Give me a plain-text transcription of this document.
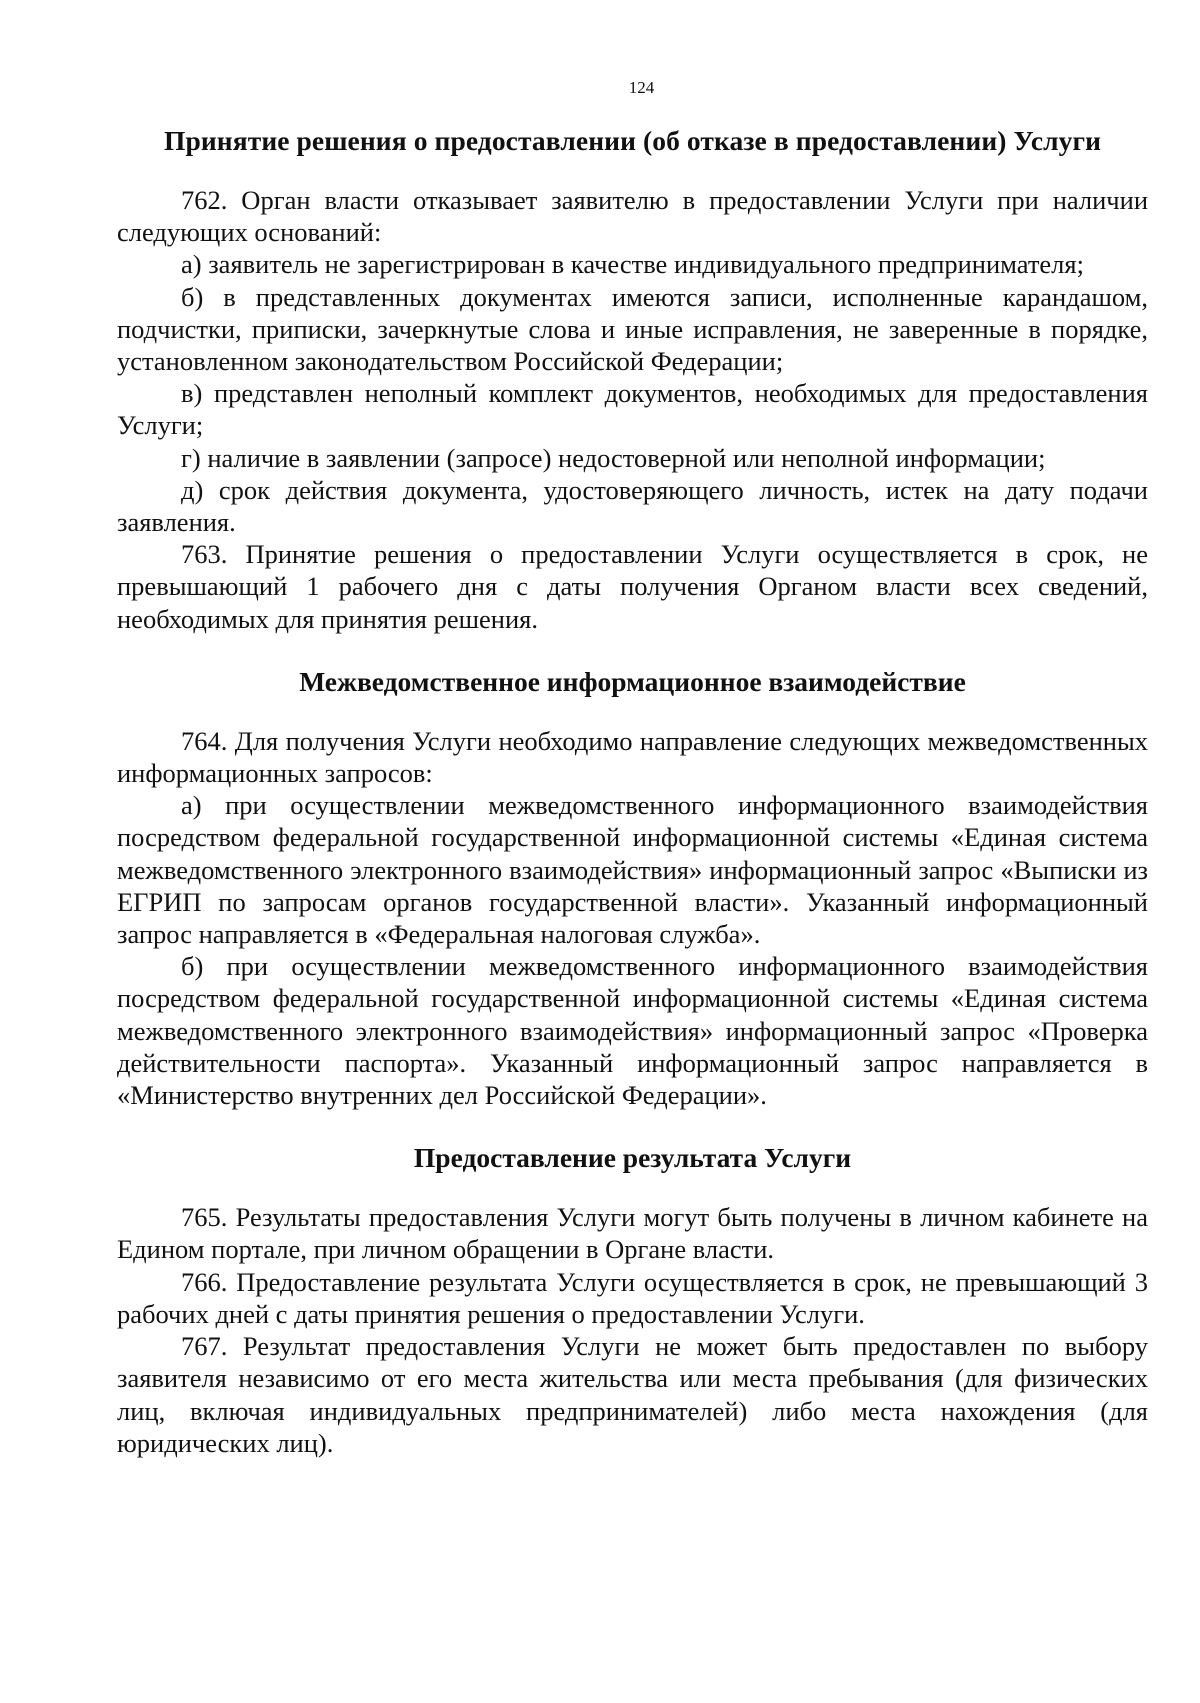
124
Принятие решения о предоставлении (об отказе в предоставлении) Услуги

762. Орган власти отказывает заявителю в предоставлении Услуги при наличии следующих оснований:

а) заявитель не зарегистрирован в качестве индивидуального предпринимателя;

б) в представленных документах имеются записи, исполненные карандашом, подчистки, приписки, зачеркнутые слова и иные исправления, не заверенные в порядке, установленном законодательством Российской Федерации;

в) представлен неполный комплект документов, необходимых для предоставления Услуги;

г) наличие в заявлении (запросе) недостоверной или неполной информации;

д) срок действия документа, удостоверяющего личность, истек на дату подачи заявления.

763. Принятие решения о предоставлении Услуги осуществляется в срок, не превышающий 1 рабочего дня с даты получения Органом власти всех сведений, необходимых для принятия решения.

Межведомственное информационное взаимодействие

764. Для получения Услуги необходимо направление следующих межведомственных информационных запросов:

а) при осуществлении межведомственного информационного взаимодействия посредством федеральной государственной информационной системы «Единая система межведомственного электронного взаимодействия» информационный запрос «Выписки из ЕГРИП по запросам органов государственной власти». Указанный информационный запрос направляется в «Федеральная налоговая служба».

б) при осуществлении межведомственного информационного взаимодействия посредством федеральной государственной информационной системы «Единая система межведомственного электронного взаимодействия» информационный запрос «Проверка действительности паспорта». Указанный информационный запрос направляется в «Министерство внутренних дел Российской Федерации».

Предоставление результата Услуги

765. Результаты предоставления Услуги могут быть получены в личном кабинете на Едином портале, при личном обращении в Органе власти.

766. Предоставление результата Услуги осуществляется в срок, не превышающий 3 рабочих дней с даты принятия решения о предоставлении Услуги.

767. Результат предоставления Услуги не может быть предоставлен по выбору заявителя независимо от его места жительства или места пребывания (для физических лиц, включая индивидуальных предпринимателей) либо места нахождения (для юридических лиц).
